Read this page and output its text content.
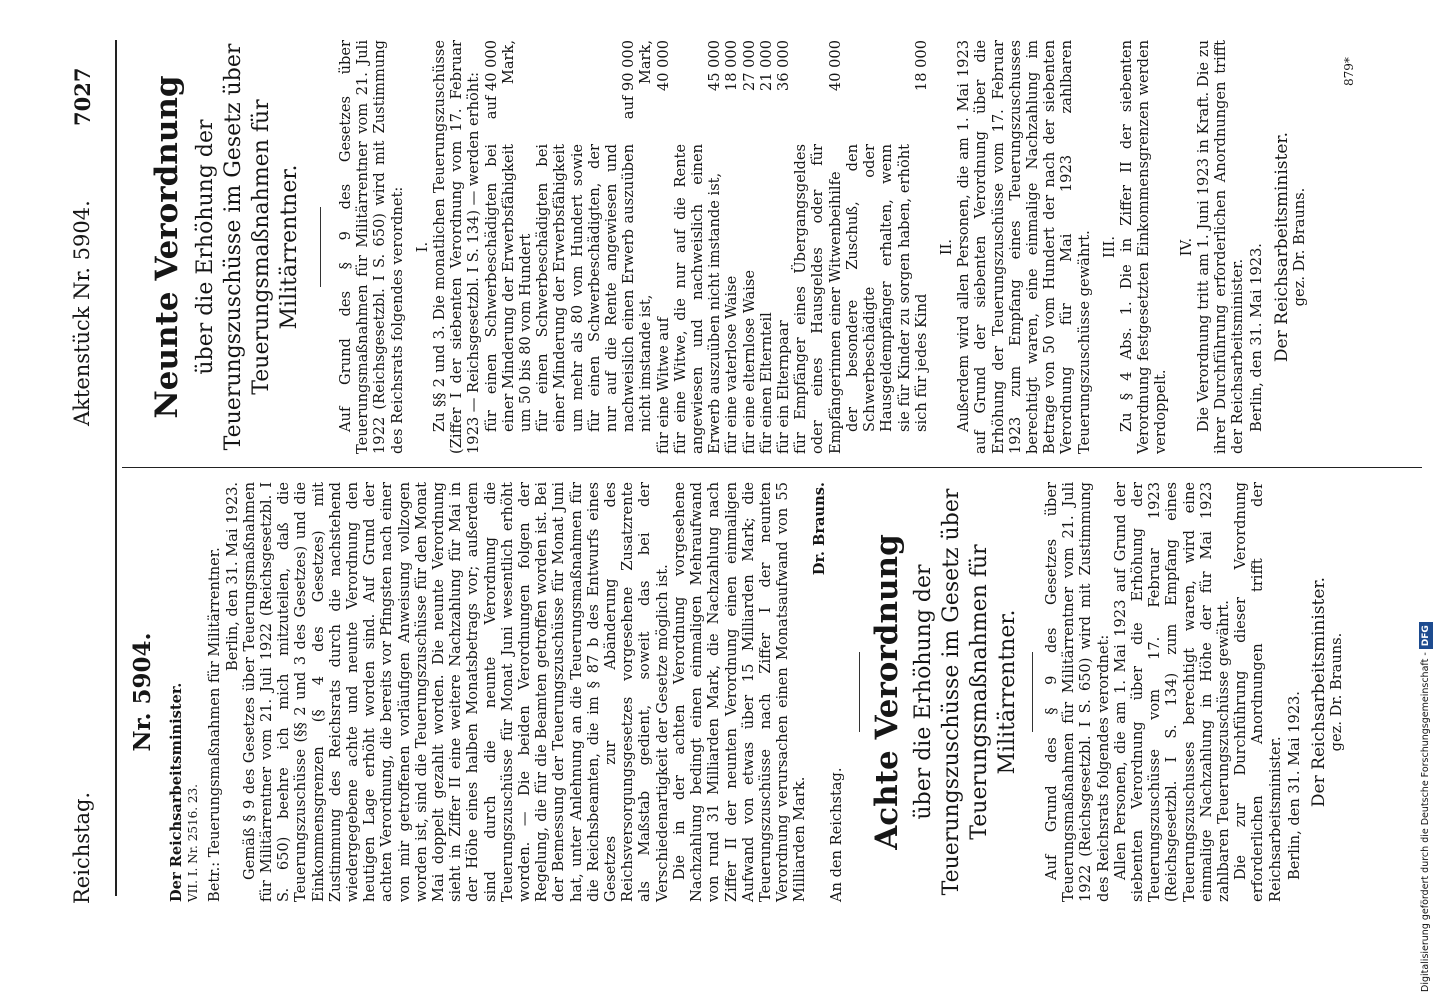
Reichstag.
Aktenstück Nr. 5904.
7027
Nr. 5904. Der Reichsarbeitsminister. VII. I. Nr. 2516. 23. Betr.: Teuerungsmaßnahmen für Militärrentner. Berlin, den 31. Mai 1923. Gemäß § 9 des Gesetzes über Teuerungsmaßnahmen für Militärrentner vom 21. Juli 1922 (Reichsgesetzbl. I S. 650) beehre ich mich mitzuteilen, daß die Teuerungszuschüsse (§§ 2 und 3 des Gesetzes) und die Einkommensgrenzen (§ 4 des Gesetzes) mit Zustimmung des Reichsrats durch die nachstehend wiedergegebene achte und neunte Verordnung den heutigen Lage erhöht worden sind. Auf Grund der achten Verordnung, die bereits vor Pfingsten nach einer von mir getroffenen vorläufigen Anweisung vollzogen worden ist, sind die Teuerungszuschüsse für den Monat Mai doppelt gezahlt worden. Die neunte Verordnung sieht in Ziffer II eine weitere Nachzahlung für Mai in der Höhe eines halben Monatsbetrags vor; außerdem sind durch die neunte Verordnung die Teuerungszuschüsse für Monat Juni wesentlich erhöht worden. — Die beiden Verordnungen folgen der Regelung, die für die Beamten getroffen worden ist. Bei der Bemessung der Teuerungszuschüsse für Monat Juni hat, unter Anlehnung an die Teuerungsmaßnahmen für die Reichsbeamten, die im § 87 b des Entwurfs eines Gesetzes zur Abänderung des Reichsversorgungsgesetzes vorgesehene Zusatzrente als Maßstab gedient, soweit das bei der Verschiedenartigkeit der Gesetze möglich ist. Die in der achten Verordnung vorgesehene Nachzahlung bedingt einen einmaligen Mehraufwand von rund 31 Milliarden Mark, die Nachzahlung nach Ziffer II der neunten Verordnung einen einmaligen Aufwand von etwas über 15 Milliarden Mark; die Teuerungszuschüsse nach Ziffer I der neunten Verordnung verursachen einen Monatsaufwand von 55 Milliarden Mark.

Dr. Brauns.
An den Reichstag. Achte Verordnung über die Erhöhung der Teuerungszuschüsse im Gesetz über Teuerungsmaßnahmen für Militärrentner. Auf Grund des § 9 des Gesetzes über Teuerungsmaßnahmen für Militärrentner vom 21. Juli 1922 (Reichsgesetzbl. I S. 650) wird mit Zustimmung des Reichsrats folgendes verordnet: Allen Personen, die am 1. Mai 1923 auf Grund der siebenten Verordnung über die Erhöhung der Teuerungszuschüsse vom 17. Februar 1923 (Reichsgesetzbl. I S. 134) zum Empfang eines Teuerungszuschusses berechtigt waren, wird eine einmalige Nachzahlung in Höhe der für Mai 1923 zahlbaren Teuerungszuschüsse gewährt. Die zur Durchführung dieser Verordnung erforderlichen Anordnungen trifft der Reichsarbeitsminister. Berlin, den 31. Mai 1923. Der Reichsarbeitsminister. gez. Dr. Brauns.
Neunte Verordnung über die Erhöhung der Teuerungszuschüsse im Gesetz über Teuerungsmaßnahmen für Militärrentner. Auf Grund des § 9 des Gesetzes über Teuerungsmaßnahmen für Militärrentner vom 21. Juli 1922 (Reichsgesetzbl. I S. 650) wird mit Zustimmung des Reichsrats folgendes verordnet: I. Zu §§ 2 und 3. Die monatlichen Teuerungszuschüsse (Ziffer I der siebenten Verordnung vom 17. Februar 1923 — Reichsgesetzbl. I S. 134) — werden erhöht: für einen Schwerbeschädigten bei einer Minderung der Erwerbsfähigkeit um 50 bis 80 vom Hundert
auf 40 000 Mark,
für einen Schwerbeschädigten bei einer Minderung der Erwerbsfähigkeit um mehr als 80 vom Hundert sowie für einen Schwerbeschädigten, der nur auf die Rente angewiesen und nachweislich einen Erwerb auszuüben nicht imstande ist,
auf 90 000 Mark,
für eine Witwe auf
40 000
für eine Witwe, die nur auf die Rente angewiesen und nachweislich einen Erwerb auszuüben nicht imstande ist,
45 000
für eine vaterlose Waise
18 000
für eine elternlose Waise
27 000
für einen Elternteil
21 000
für ein Elternpaar
36 000
für Empfänger eines Übergangsgeldes oder eines Hausgeldes oder für Empfängerinnen einer Witwenbeihilfe
40 000
der besondere Zuschuß, den Schwerbeschädigte oder Hausgeldempfänger erhalten, wenn sie für Kinder zu sorgen haben, erhöht sich für jedes Kind
18 000
II. Außerdem wird allen Personen, die am 1. Mai 1923 auf Grund der siebenten Verordnung über die Erhöhung der Teuerungszuschüsse vom 17. Februar 1923 zum Empfang eines Teuerungszuschusses berechtigt waren, eine einmalige Nachzahlung im Betrage von 50 vom Hundert der nach der siebenten Verordnung für Mai 1923 zahlbaren Teuerungszuschüsse gewährt. III. Zu § 4 Abs. 1. Die in Ziffer II der siebenten Verordnung festgesetzten Einkommensgrenzen werden verdoppelt.

IV. Die Verordnung tritt am 1. Juni 1923 in Kraft. Die zu ihrer Durchführung erforderlichen Anordnungen trifft der Reichsarbeitsminister. Berlin, den 31. Mai 1923. Der Reichsarbeitsminister. gez. Dr. Brauns.
879*
Digitalisierung gefördert durch die Deutsche Forschungsgemeinschaft -DFG
